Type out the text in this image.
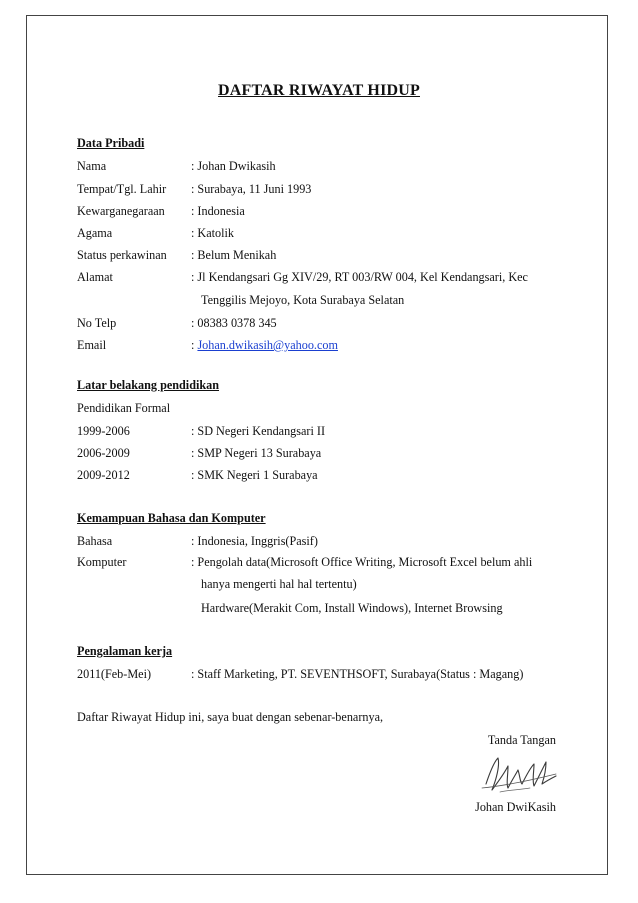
DAFTAR RIWAYAT HIDUP
Data Pribadi
Nama	: Johan Dwikasih
Tempat/Tgl. Lahir : Surabaya, 11 Juni 1993
Kewarganegaraan : Indonesia
Agama	: Katolik
Status perkawinan : Belum Menikah
Alamat	: Jl Kendangsari Gg XIV/29, RT 003/RW 004, Kel Kendangsari, Kec
Tenggilis Mejoyo, Kota Surabaya Selatan
No Telp	: 08383 0378 345
Email	: Johan.dwikasih@yahoo.com
Latar belakang pendidikan
Pendidikan Formal
1999-2006	: SD Negeri Kendangsari II
2006-2009	: SMP Negeri 13 Surabaya
2009-2012	: SMK Negeri 1 Surabaya
Kemampuan Bahasa dan Komputer
Bahasa	: Indonesia, Inggris(Pasif)
Komputer	: Pengolah data(Microsoft Office Writing, Microsoft Excel belum ahli
hanya mengerti hal hal tertentu)
Hardware(Merakit Com, Install Windows), Internet Browsing
Pengalaman kerja
2011(Feb-Mei)	: Staff Marketing, PT. SEVENTHSOFT, Surabaya(Status : Magang)
Daftar Riwayat Hidup ini, saya buat dengan sebenar-benarnya,
Tanda Tangan
Johan DwiKasih
